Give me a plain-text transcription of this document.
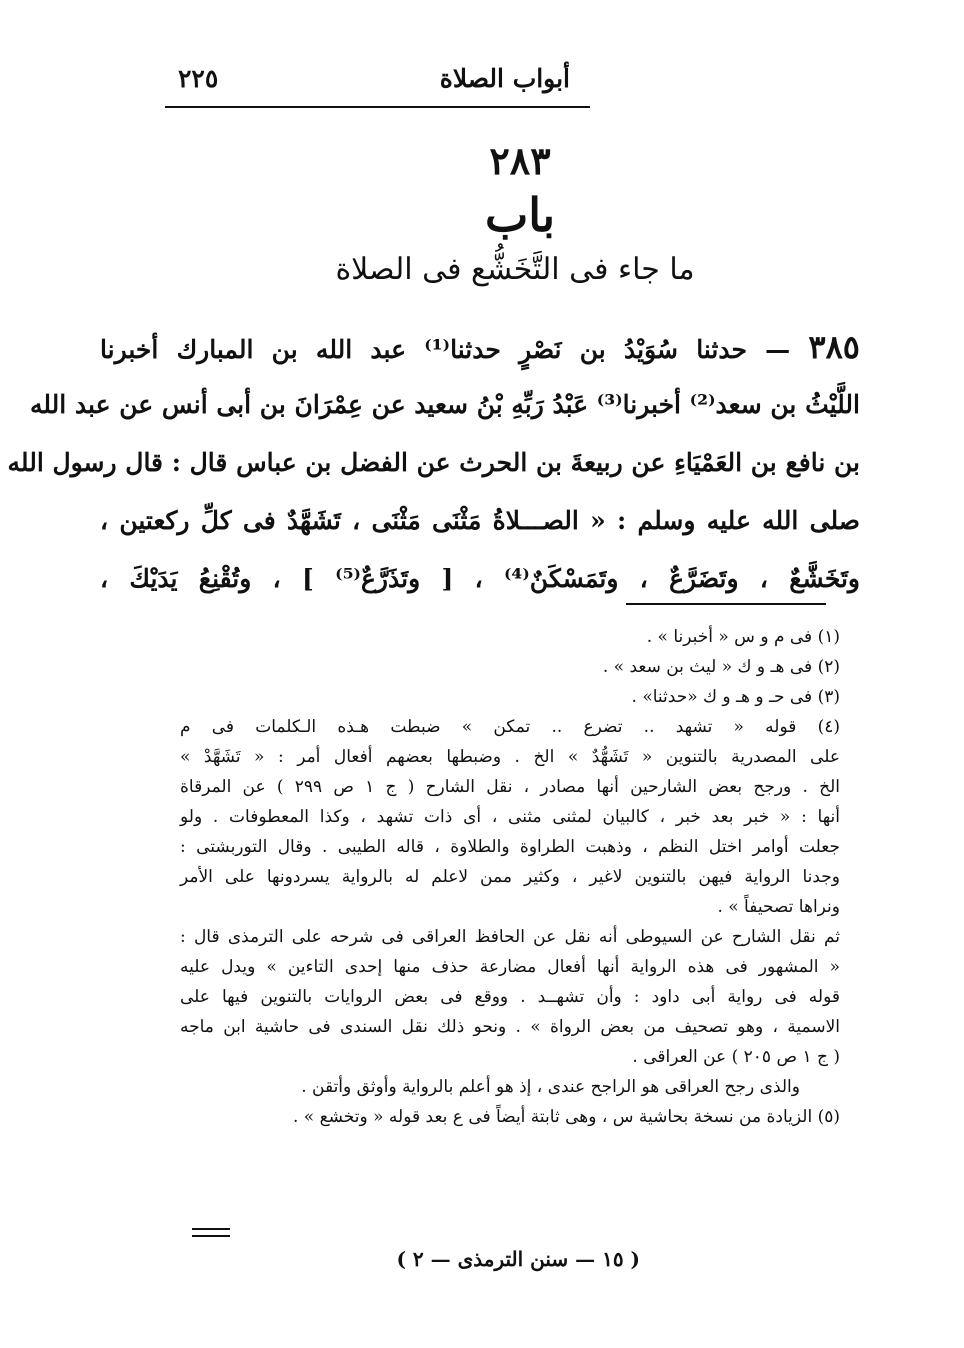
٢٢٥	أبواب الصلاة
٢٨٣
باب
ما جاء فى التَّخَشُّع فى الصلاة
٣٨٥ — حدثنا سُوَيْدُ بن نَصْرٍ حدثنا⁽¹⁾ عبد الله بن المبارك أخبرنا
اللَّيْثُ بن سعد⁽²⁾ أخبرنا⁽³⁾ عَبْدُ رَبِّهِ بْنُ سعيد عن عِمْرَانَ بن أبى أنس عن عبد الله
بن نافع بن العَمْيَاءِ عن ربيعةَ بن الحرث عن الفضل بن عباس قال : قال رسول الله
صلى الله عليه وسلم : « الصـــلاةُ مَثْنَى مَثْنَى ، تَشَهَّدٌ فى كلِّ ركعتين ،
وتَخَشَّعٌ ، وتَضَرَّعٌ ، وتَمَسْكَنٌ⁽⁴⁾ ، [ وتَذَرَّعٌ⁽⁵⁾ ] ، وتُقْنِعُ يَدَيْكَ ،
(١) فى م و س « أخبرنا » .
(٢) فى هـ و ك « ليث بن سعد » .
(٣) فى حـ و هـ و ك «حدثنا» .
(٤) قوله « تشهد .. تضرع .. تمكن » ضبطت هـذه الـكلمات فى م
على المصدرية بالتنوين « تَشَهُّدٌ » الخ . وضبطها بعضهم أفعال أمر : « تَشَهَّدْ »
الخ . ورجح بعض الشارحين أنها مصادر ، نقل الشارح ( ج ١ ص ٢٩٩ ) عن المرقاة
أنها : « خبر بعد خبر ، كالبيان لمثنى مثنى ، أى ذات تشهد ، وكذا المعطوفات . ولو
جعلت أوامر اختل النظم ، وذهبت الطراوة والطلاوة ، قاله الطيبى . وقال التوربشتى :
وجدنا الرواية فيهن بالتنوين لاغير ، وكثير ممن لاعلم له بالرواية يسردونها على الأمر
ونراها تصحيفاً » .
ثم نقل الشارح عن السيوطى أنه نقل عن الحافظ العراقى فى شرحه على الترمذى قال :
« المشهور فى هذه الرواية أنها أفعال مضارعة حذف منها إحدى التاءين » ويدل عليه
قوله فى رواية أبى داود : وأن تشهــد . ووقع فى بعض الروايات بالتنوين فيها على
الاسمية ، وهو تصحيف من بعض الرواة » . ونحو ذلك نقل السندى فى حاشية ابن ماجه
( ج ١ ص ٢٠٥ ) عن العراقى .
والذى رجح العراقى هو الراجح عندى ، إذ هو أعلم بالرواية وأوثق وأتقن .
(٥) الزيادة من نسخة بحاشية س ، وهى ثابتة أيضاً فى ع بعد قوله « وتخشع » .
( ١٥ — سنن الترمذى — ٢ )
